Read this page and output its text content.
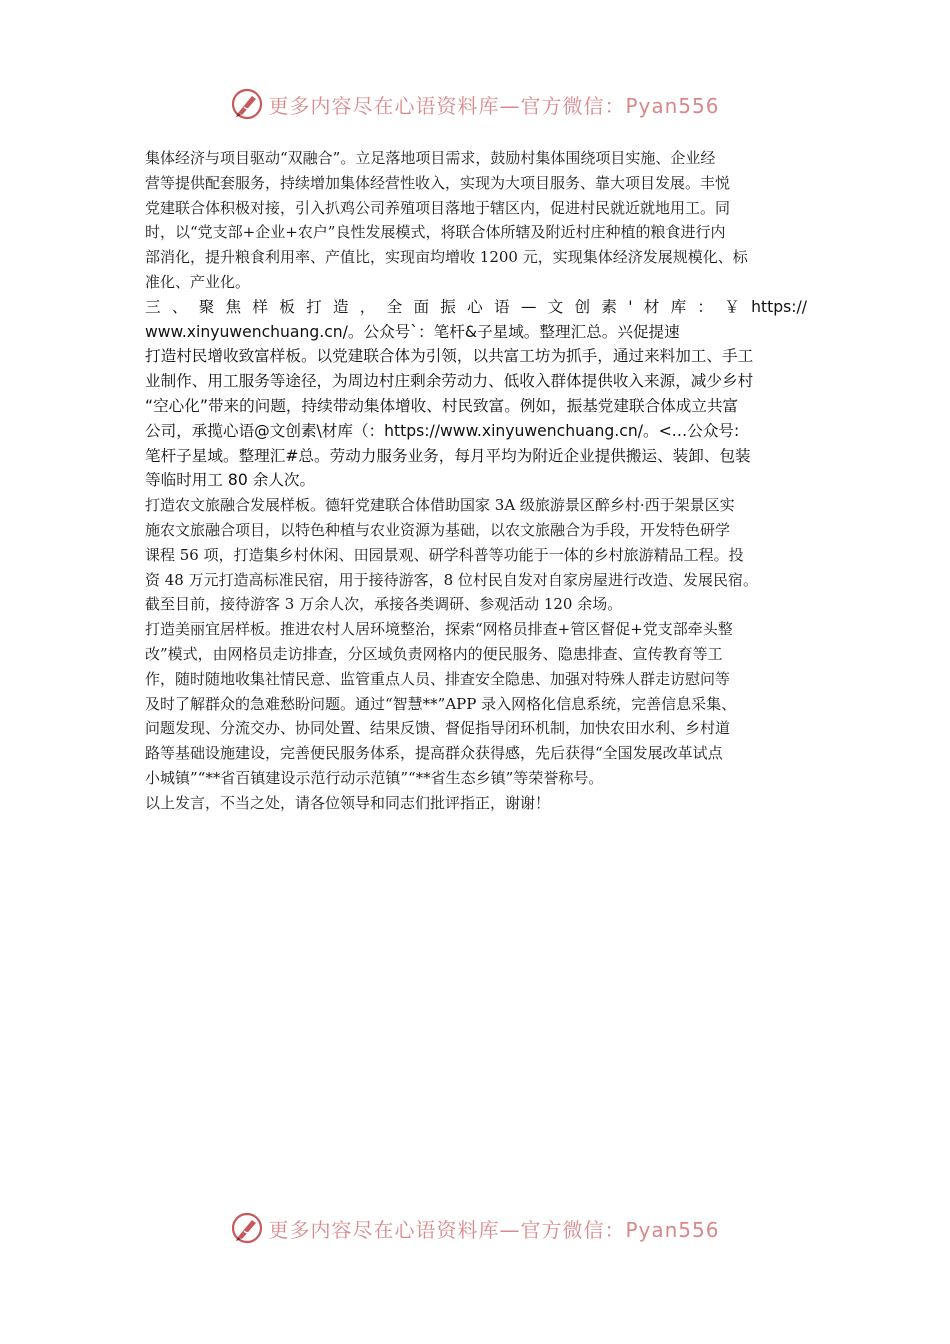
更多内容尽在心语资料库—官方微信：Pyan556

集体经济与项目驱动“双融合”。立足落地项目需求，鼓励村集体围绕项目实施、企业经
营等提供配套服务，持续增加集体经营性收入，实现为大项目服务、靠大项目发展。丰悦
党建联合体积极对接，引入扒鸡公司养殖项目落地于辖区内，促进村民就近就地用工。同
时，以“党支部+企业+农户”良性发展模式，将联合体所辖及附近村庄种植的粮食进行内
部消化，提升粮食利用率、产值比，实现亩均增收 1200 元，实现集体经济发展规模化、标
准化、产业化。

三、聚焦样板打造，全面振心语—文创素'材库：￥https://
www.xinyuwenchuang.cn/。公众号`：笔杆&子星域。整理汇总。兴促提速
打造村民增收致富样板。以党建联合体为引领，以共富工坊为抓手，通过来料加工、手工
业制作、用工服务等途径，为周边村庄剩余劳动力、低收入群体提供收入来源，减少乡村
“空心化”带来的问题，持续带动集体增收、村民致富。例如，振基党建联合体成立共富
公司，承揽心语@文创素\材库（：https://www.xinyuwenchuang.cn/。<…公众号:
笔杆子星域。整理汇#总。劳动力服务业务，每月平均为附近企业提供搬运、装卸、包装
等临时用工 80 余人次。

打造农文旅融合发展样板。德轩党建联合体借助国家 3A 级旅游景区醉乡村·西于架景区实
施农文旅融合项目，以特色种植与农业资源为基础，以农文旅融合为手段，开发特色研学
课程 56 项，打造集乡村休闲、田园景观、研学科普等功能于一体的乡村旅游精品工程。投
资 48 万元打造高标准民宿，用于接待游客，8 位村民自发对自家房屋进行改造、发展民宿。
截至目前，接待游客 3 万余人次，承接各类调研、参观活动 120 余场。

打造美丽宜居样板。推进农村人居环境整治，探索“网格员排查+管区督促+党支部牵头整
改”模式，由网格员走访排查，分区域负责网格内的便民服务、隐患排查、宣传教育等工
作，随时随地收集社情民意、监管重点人员、排查安全隐患、加强对特殊人群走访慰问等
及时了解群众的急难愁盼问题。通过“智慧**”APP 录入网格化信息系统，完善信息采集、
问题发现、分流交办、协同处置、结果反馈、督促指导闭环机制，加快农田水利、乡村道
路等基础设施建设，完善便民服务体系，提高群众获得感，先后获得“全国发展改革试点
小城镇”“**省百镇建设示范行动示范镇”“**省生态乡镇”等荣誉称号。

以上发言，不当之处，请各位领导和同志们批评指正，谢谢！

更多内容尽在心语资料库—官方微信：Pyan556
